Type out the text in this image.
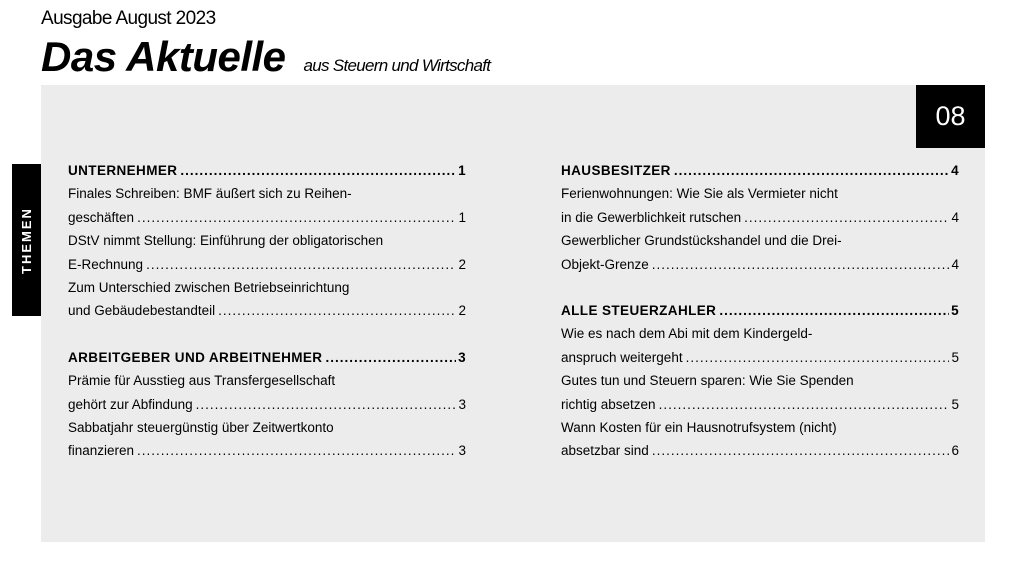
Ausgabe August 2023
Das Aktuelle aus Steuern und Wirtschaft
08
THEMEN
UNTERNEHMER .....	1
Finales Schreiben: BMF äußert sich zu Reihen-
geschäften .....	1
DStV nimmt Stellung: Einführung der obligatorischen
E-Rechnung .....	2
Zum Unterschied zwischen Betriebseinrichtung
und Gebäudebestandteil .....	2
ARBEITGEBER UND ARBEITNEHMER .....	3
Prämie für Ausstieg aus Transfergesellschaft
gehört zur Abfindung .....	3
Sabbatjahr steuergünstig über Zeitwertkonto
finanzieren .....	3
HAUSBESITZER .....	4
Ferienwohnungen: Wie Sie als Vermieter nicht
in die Gewerblichkeit rutschen .....	4
Gewerblicher Grundstückshandel und die Drei-
Objekt-Grenze .....	4
ALLE STEUERZAHLER .....	5
Wie es nach dem Abi mit dem Kindergeld-
anspruch weitergeht .....	5
Gutes tun und Steuern sparen: Wie Sie Spenden
richtig absetzen .....	5
Wann Kosten für ein Hausnotrufsystem (nicht)
absetzbar sind .....	6
